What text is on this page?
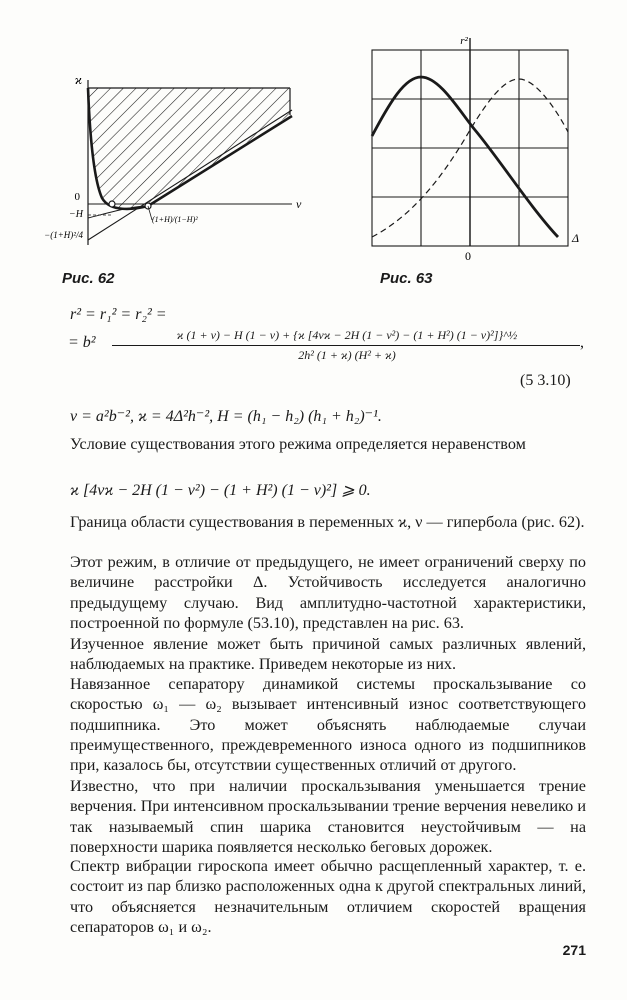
ϰ
ν
0
−H
−(1+H)²/4
(1+H)/(1−H)²
Рис. 62
r²
0
Δ
Рис. 63
r² = r₁² = r₂² =
= b²	ϰ (1 + ν) − H (1 − ν) + {ϰ [4νϰ − 2H (1 − ν²) − (1 + H²) (1 − ν)²]}^½
2h² (1 + ϰ) (H² + ϰ)
,
(5 3.10)
ν = a²b⁻², ϰ = 4Δ²h⁻², H = (h₁ − h₂) (h₁ + h₂)⁻¹.

Условие существования этого режима определяется неравенством

ϰ [4νϰ − 2H (1 − ν²) − (1 + H²) (1 − ν)²] ⩾ 0.

Граница области существования в переменных ϰ, ν — гипербола (рис. 62).

Этот режим, в отличие от предыдущего, не имеет ограничений сверху по величине расстройки Δ. Устойчивость исследуется аналогично предыдущему случаю. Вид амплитудно-частотной характеристики, построенной по формуле (53.10), представлен на рис. 63.

Изученное явление может быть причиной самых различных явлений, наблюдаемых на практике. Приведем некоторые из них.

Навязанное сепаратору динамикой системы проскальзывание со скоростью ω₁ — ω₂ вызывает интенсивный износ соответствующего подшипника. Это может объяснять наблюдаемые случаи преимущественного, преждевременного износа одного из подшипников при, казалось бы, отсутствии существенных отличий от другого.

Известно, что при наличии проскальзывания уменьшается трение верчения. При интенсивном проскальзывании трение верчения невелико и так называемый спин шарика становится неустойчивым — на поверхности шарика появляется несколько беговых дорожек.

Спектр вибрации гироскопа имеет обычно расщепленный характер, т. е. состоит из пар близко расположенных одна к другой спектральных линий, что объясняется незначительным отличием скоростей вращения сепараторов ω₁ и ω₂.

271
